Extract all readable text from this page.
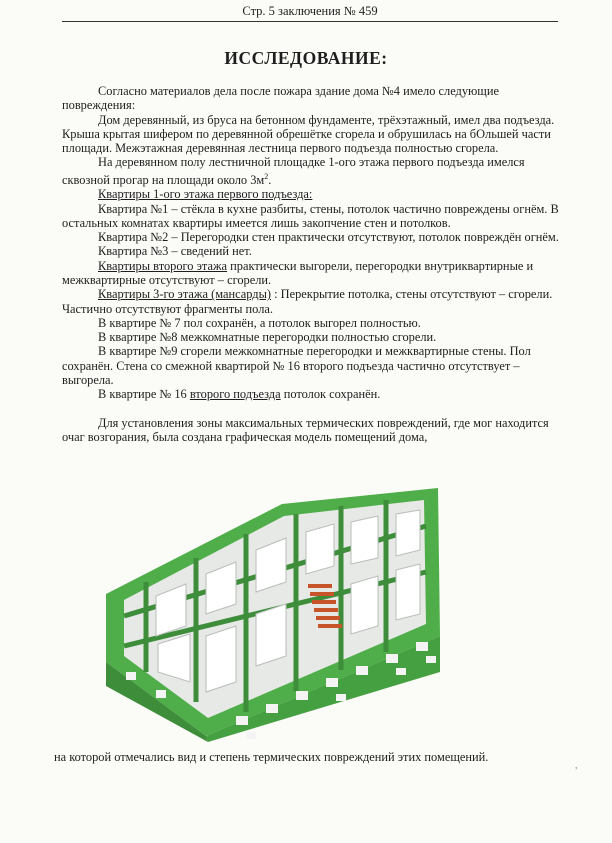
Стр. 5 заключения № 459
ИССЛЕДОВАНИЕ:

Согласно материалов дела после пожара здание дома №4 имело следующие повреждения:

Дом деревянный, из бруса на бетонном фундаменте, трёхэтажный, имел два подъезда. Крыша крытая шифером по деревянной обрешётке сгорела и обрушилась на бОльшей части площади. Межэтажная деревянная лестница первого подъезда полностью сгорела.

На деревянном полу лестничной площадке 1-ого этажа первого подъезда имелся сквозной прогар на площади около $3м^2$.

Квартиры 1-ого этажа первого подъезда:

Квартира №1 – стёкла в кухне разбиты, стены, потолок частично повреждены огнём. В остальных комнатах квартиры имеется лишь закопчение стен и потолков.

Квартира №2 – Перегородки стен практически отсутствуют, потолок повреждён огнём.

Квартира №3 – сведений нет.

Квартиры второго этажа практически выгорели, перегородки внутриквартирные и межквартирные отсутствуют – сгорели.

Квартиры 3-го этажа (мансарды) : Перекрытие потолка, стены отсутствуют – сгорели. Частично отсутствуют фрагменты пола.

В квартире № 7 пол сохранён, а потолок выгорел полностью.

В квартире №8 межкомнатные перегородки полностью сгорели.

В квартире №9 сгорели межкомнатные перегородки и межквартирные стены. Пол сохранён. Стена со смежной квартирой № 16 второго подъезда частично отсутствует – выгорела.

В квартире № 16 второго подъезда потолок сохранён.

Для установления зоны максимальных термических повреждений, где мог находится очаг возгорания, была создана графическая модель помещений дома,

на которой отмечались вид и степень термических повреждений этих помещений.
,
